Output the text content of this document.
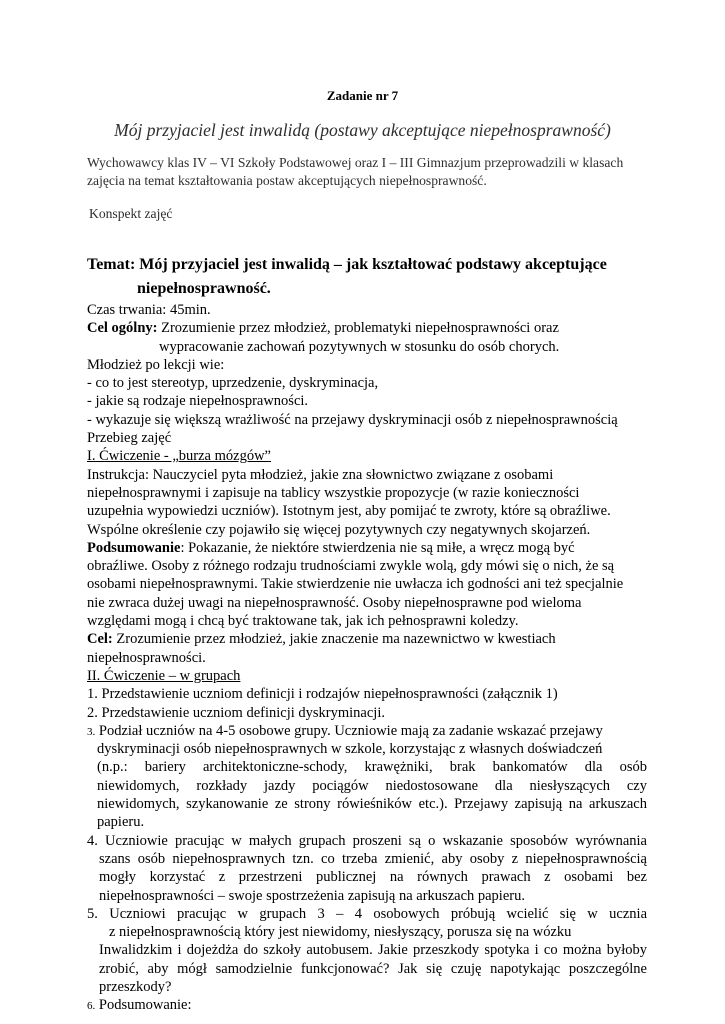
Zadanie nr 7
Mój przyjaciel jest inwalidą (postawy akceptujące niepełnosprawność)
Wychowawcy klas IV – VI Szkoły Podstawowej oraz I – III Gimnazjum przeprowadzili w klasach
zajęcia na temat kształtowania postaw akceptujących niepełnosprawność.
Konspekt zajęć
Temat: Mój przyjaciel jest inwalidą – jak kształtować podstawy akceptujące
niepełnosprawność.
Czas trwania: 45min.
Cel ogólny: Zrozumienie przez młodzież, problematyki niepełnosprawności oraz
wypracowanie zachowań pozytywnych w stosunku do osób chorych.
Młodzież po lekcji wie:
- co to jest stereotyp, uprzedzenie, dyskryminacja,
- jakie są rodzaje niepełnosprawności.
- wykazuje się większą wrażliwość na przejawy dyskryminacji osób z niepełnosprawnością
Przebieg zajęć
I. Ćwiczenie - „burza mózgów”
Instrukcja: Nauczyciel pyta młodzież, jakie zna słownictwo związane z osobami
niepełnosprawnymi i zapisuje na tablicy wszystkie propozycje (w razie konieczności
uzupełnia wypowiedzi uczniów). Istotnym jest, aby pomijać te zwroty, które są obraźliwe.
Wspólne określenie czy pojawiło się więcej pozytywnych czy negatywnych skojarzeń.
Podsumowanie: Pokazanie, że niektóre stwierdzenia nie są miłe, a wręcz mogą być
obraźliwe. Osoby z różnego rodzaju trudnościami zwykle wolą, gdy mówi się o nich, że są
osobami niepełnosprawnymi. Takie stwierdzenie nie uwłacza ich godności ani też specjalnie
nie zwraca dużej uwagi na niepełnosprawność. Osoby niepełnosprawne pod wieloma
względami mogą i chcą być traktowane tak, jak ich pełnosprawni koledzy.
Cel: Zrozumienie przez młodzież, jakie znaczenie ma nazewnictwo w kwestiach
niepełnosprawności.
II. Ćwiczenie – w grupach
1. Przedstawienie uczniom definicji i rodzajów niepełnosprawności (załącznik 1)
2. Przedstawienie uczniom definicji dyskryminacji.
3. Podział uczniów na 4-5 osobowe grupy. Uczniowie mają za zadanie wskazać przejawy
dyskryminacji osób niepełnosprawnych w szkole, korzystając z własnych doświadczeń
(n.p.: bariery architektoniczne-schody, krawężniki, brak bankomatów dla osób
niewidomych, rozkłady jazdy pociągów niedostosowane dla niesłyszących czy
niewidomych, szykanowanie ze strony rówieśników etc.). Przejawy zapisują na arkuszach
papieru.
4. Uczniowie pracując w małych grupach proszeni są o wskazanie sposobów wyrównania
szans osób niepełnosprawnych tzn. co trzeba zmienić, aby osoby z niepełnosprawnością
mogły korzystać z przestrzeni publicznej na równych prawach z osobami bez
niepełnosprawności – swoje spostrzeżenia zapisują na arkuszach papieru.
5. Uczniowi pracując w grupach 3 – 4 osobowych próbują wcielić się w ucznia
z niepełnosprawnością który jest niewidomy, niesłyszący, porusza się na wózku
Inwalidzkim i dojeżdża do szkoły autobusem. Jakie przeszkody spotyka i co można byłoby
zrobić, aby mógł samodzielnie funkcjonować? Jak się czuję napotykając poszczególne
przeszkody?
6. Podsumowanie:
